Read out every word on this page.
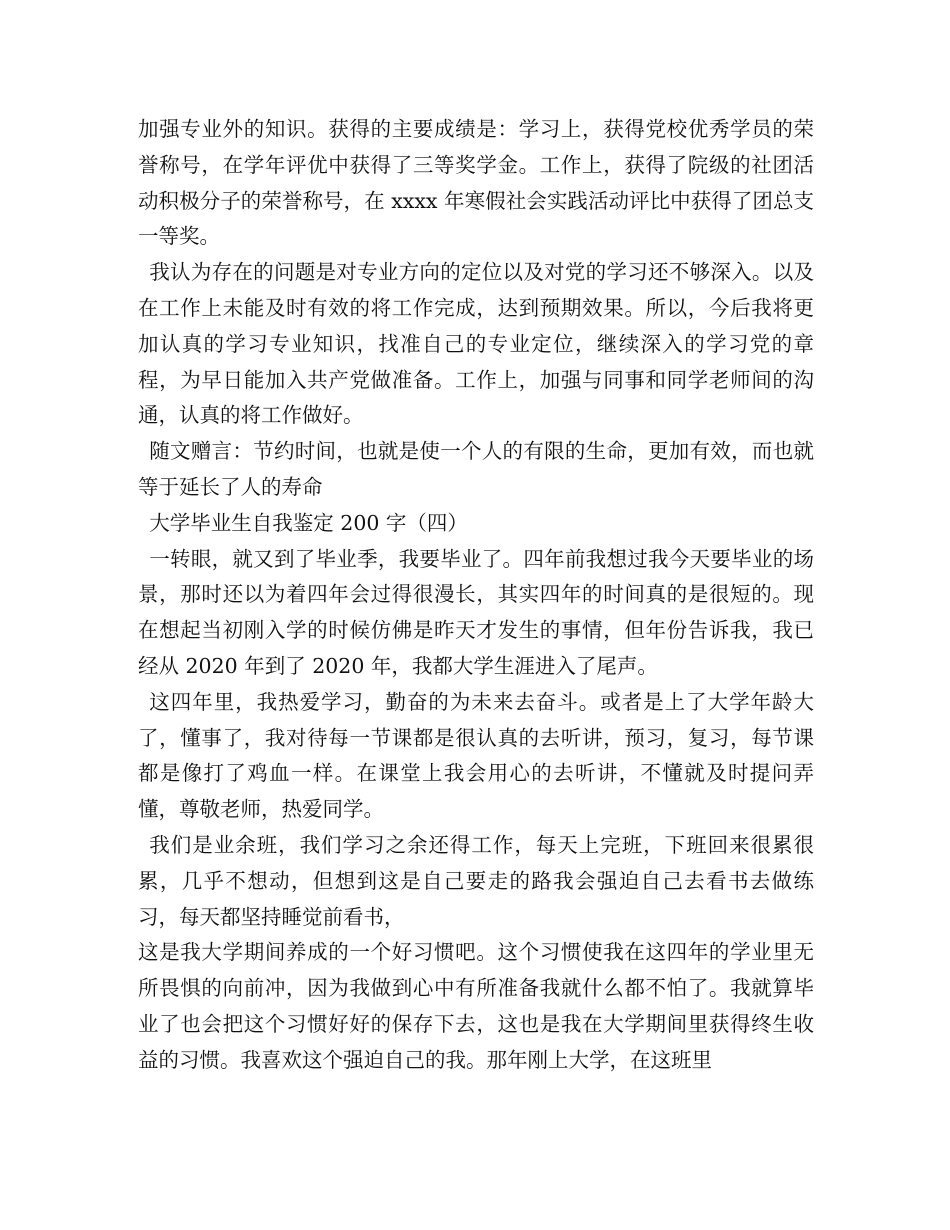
加强专业外的知识。获得的主要成绩是：学习上，获得党校优秀学员的荣誉称号，在学年评优中获得了三等奖学金。工作上，获得了院级的社团活动积极分子的荣誉称号，在 xxxx 年寒假社会实践活动评比中获得了团总支一等奖。

我认为存在的问题是对专业方向的定位以及对党的学习还不够深入。以及在工作上未能及时有效的将工作完成，达到预期效果。所以，今后我将更加认真的学习专业知识，找准自己的专业定位，继续深入的学习党的章程，为早日能加入共产党做准备。工作上，加强与同事和同学老师间的沟通，认真的将工作做好。

随文赠言：节约时间，也就是使一个人的有限的生命，更加有效，而也就等于延长了人的寿命

大学毕业生自我鉴定 200 字（四）

一转眼，就又到了毕业季，我要毕业了。四年前我想过我今天要毕业的场景，那时还以为着四年会过得很漫长，其实四年的时间真的是很短的。现在想起当初刚入学的时候仿佛是昨天才发生的事情，但年份告诉我，我已经从 2020 年到了 2020 年，我都大学生涯进入了尾声。

这四年里，我热爱学习，勤奋的为未来去奋斗。或者是上了大学年龄大了，懂事了，我对待每一节课都是很认真的去听讲，预习，复习，每节课都是像打了鸡血一样。在课堂上我会用心的去听讲，不懂就及时提问弄懂，尊敬老师，热爱同学。

我们是业余班，我们学习之余还得工作，每天上完班，下班回来很累很累，几乎不想动，但想到这是自己要走的路我会强迫自己去看书去做练习，每天都坚持睡觉前看书，

这是我大学期间养成的一个好习惯吧。这个习惯使我在这四年的学业里无所畏惧的向前冲，因为我做到心中有所准备我就什么都不怕了。我就算毕业了也会把这个习惯好好的保存下去，这也是我在大学期间里获得终生收益的习惯。我喜欢这个强迫自己的我。那年刚上大学，在这班里
